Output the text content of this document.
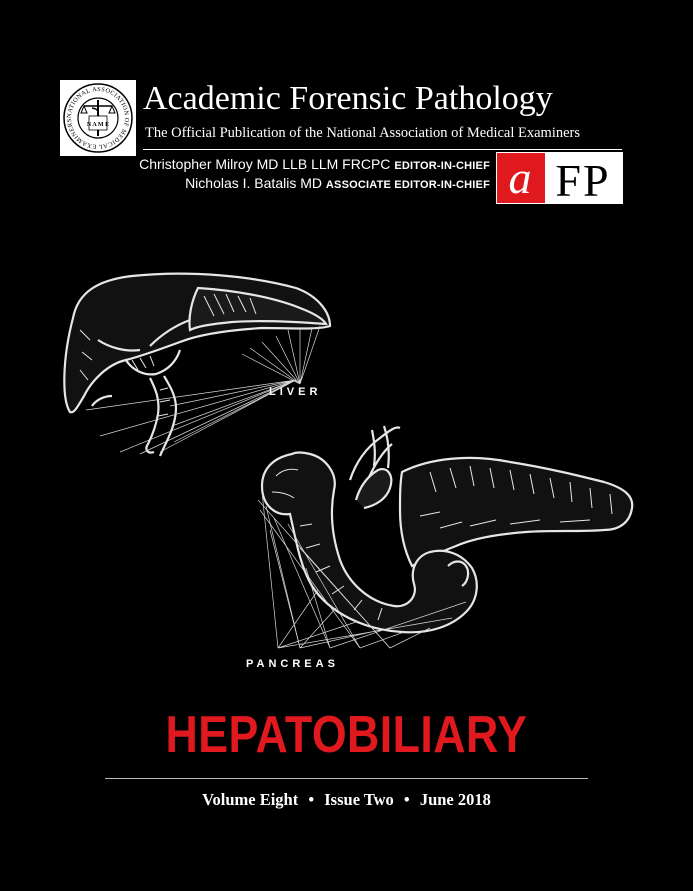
NATIONAL ASSOCIATION OF MEDICAL EXAMINERS
N A M E
Academic Forensic Pathology
The Official Publication of the National Association of Medical Examiners
Christopher Milroy MD LLB LLM FRCPC EDITOR-IN-CHIEF
Nicholas I. Batalis MD ASSOCIATE EDITOR-IN-CHIEF a FP
LIVER
PANCREAS
HEPATOBILIARY
Volume Eight • Issue Two • June 2018
